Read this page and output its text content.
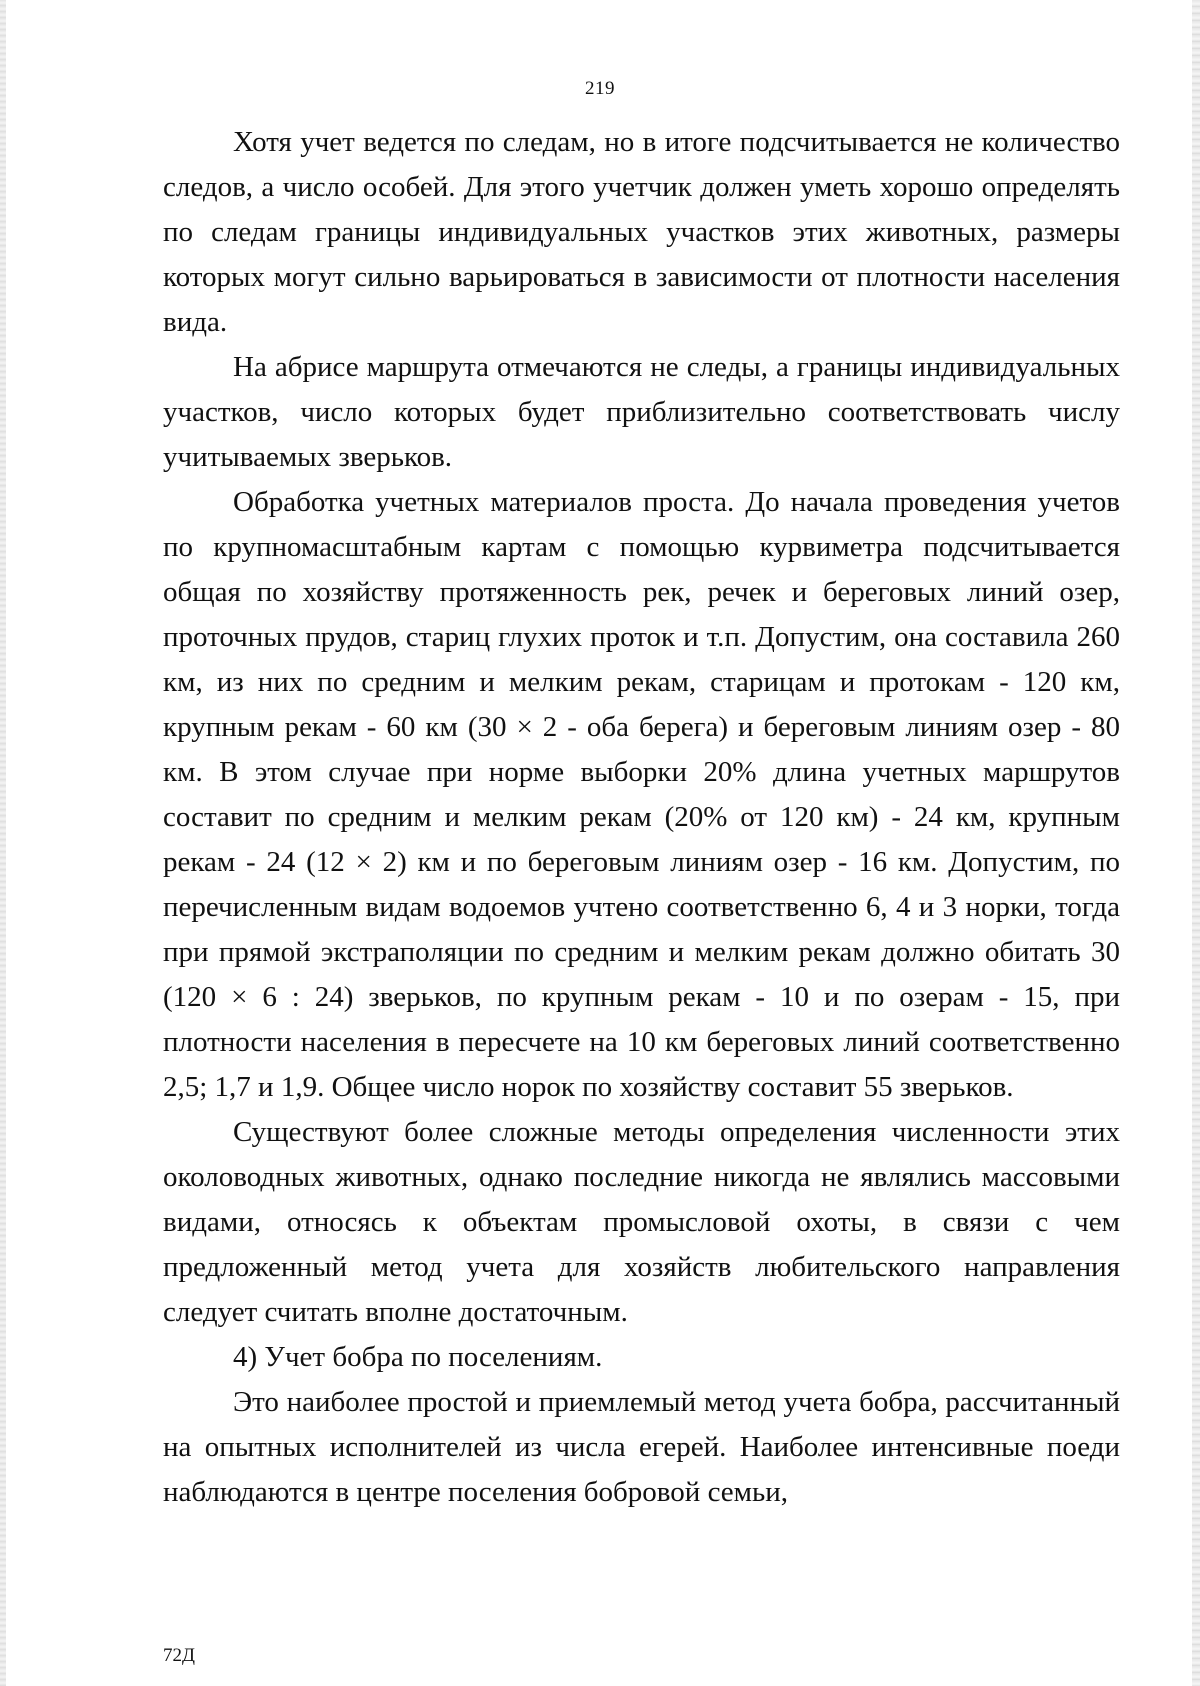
219

Хотя учет ведется по следам, но в итоге подсчитывается не количество следов, а число особей. Для этого учетчик должен уметь хорошо определять по следам границы индивидуальных участков этих животных, размеры которых могут сильно варьироваться в зависимости от плотности населения вида.

На абрисе маршрута отмечаются не следы, а границы индивидуальных участков, число которых будет приблизительно соответствовать числу учитываемых зверьков.

Обработка учетных материалов проста. До начала проведения учетов по крупномасштабным картам с помощью курвиметра подсчитывается общая по хозяйству протяженность рек, речек и береговых линий озер, проточных прудов, стариц глухих проток и т.п. Допустим, она составила 260 км, из них по средним и мелким рекам, старицам и протокам - 120 км, крупным рекам - 60 км (30 × 2 - оба берега) и береговым линиям озер - 80 км. В этом случае при норме выборки 20% длина учетных маршрутов составит по средним и мелким рекам (20% от 120 км) - 24 км, крупным рекам - 24 (12 × 2) км и по береговым линиям озер - 16 км. Допустим, по перечисленным видам водоемов учтено соответственно 6, 4 и 3 норки, тогда при прямой экстраполяции по средним и мелким рекам должно обитать 30 (120 × 6 : 24) зверьков, по крупным рекам - 10 и по озерам - 15, при плотности населения в пересчете на 10 км береговых линий соответственно 2,5; 1,7 и 1,9. Общее число норок по хозяйству составит 55 зверьков.

Существуют более сложные методы определения численности этих околоводных животных, однако последние никогда не являлись массовыми видами, относясь к объектам промысловой охоты, в связи с чем предложенный метод учета для хозяйств любительского направления следует считать вполне достаточным.

4) Учет бобра по поселениям.

Это наиболее простой и приемлемый метод учета бобра, рассчитанный на опытных исполнителей из числа егерей. Наиболее интенсивные поеди наблюдаются в центре поселения бобровой семьи,

72Д
